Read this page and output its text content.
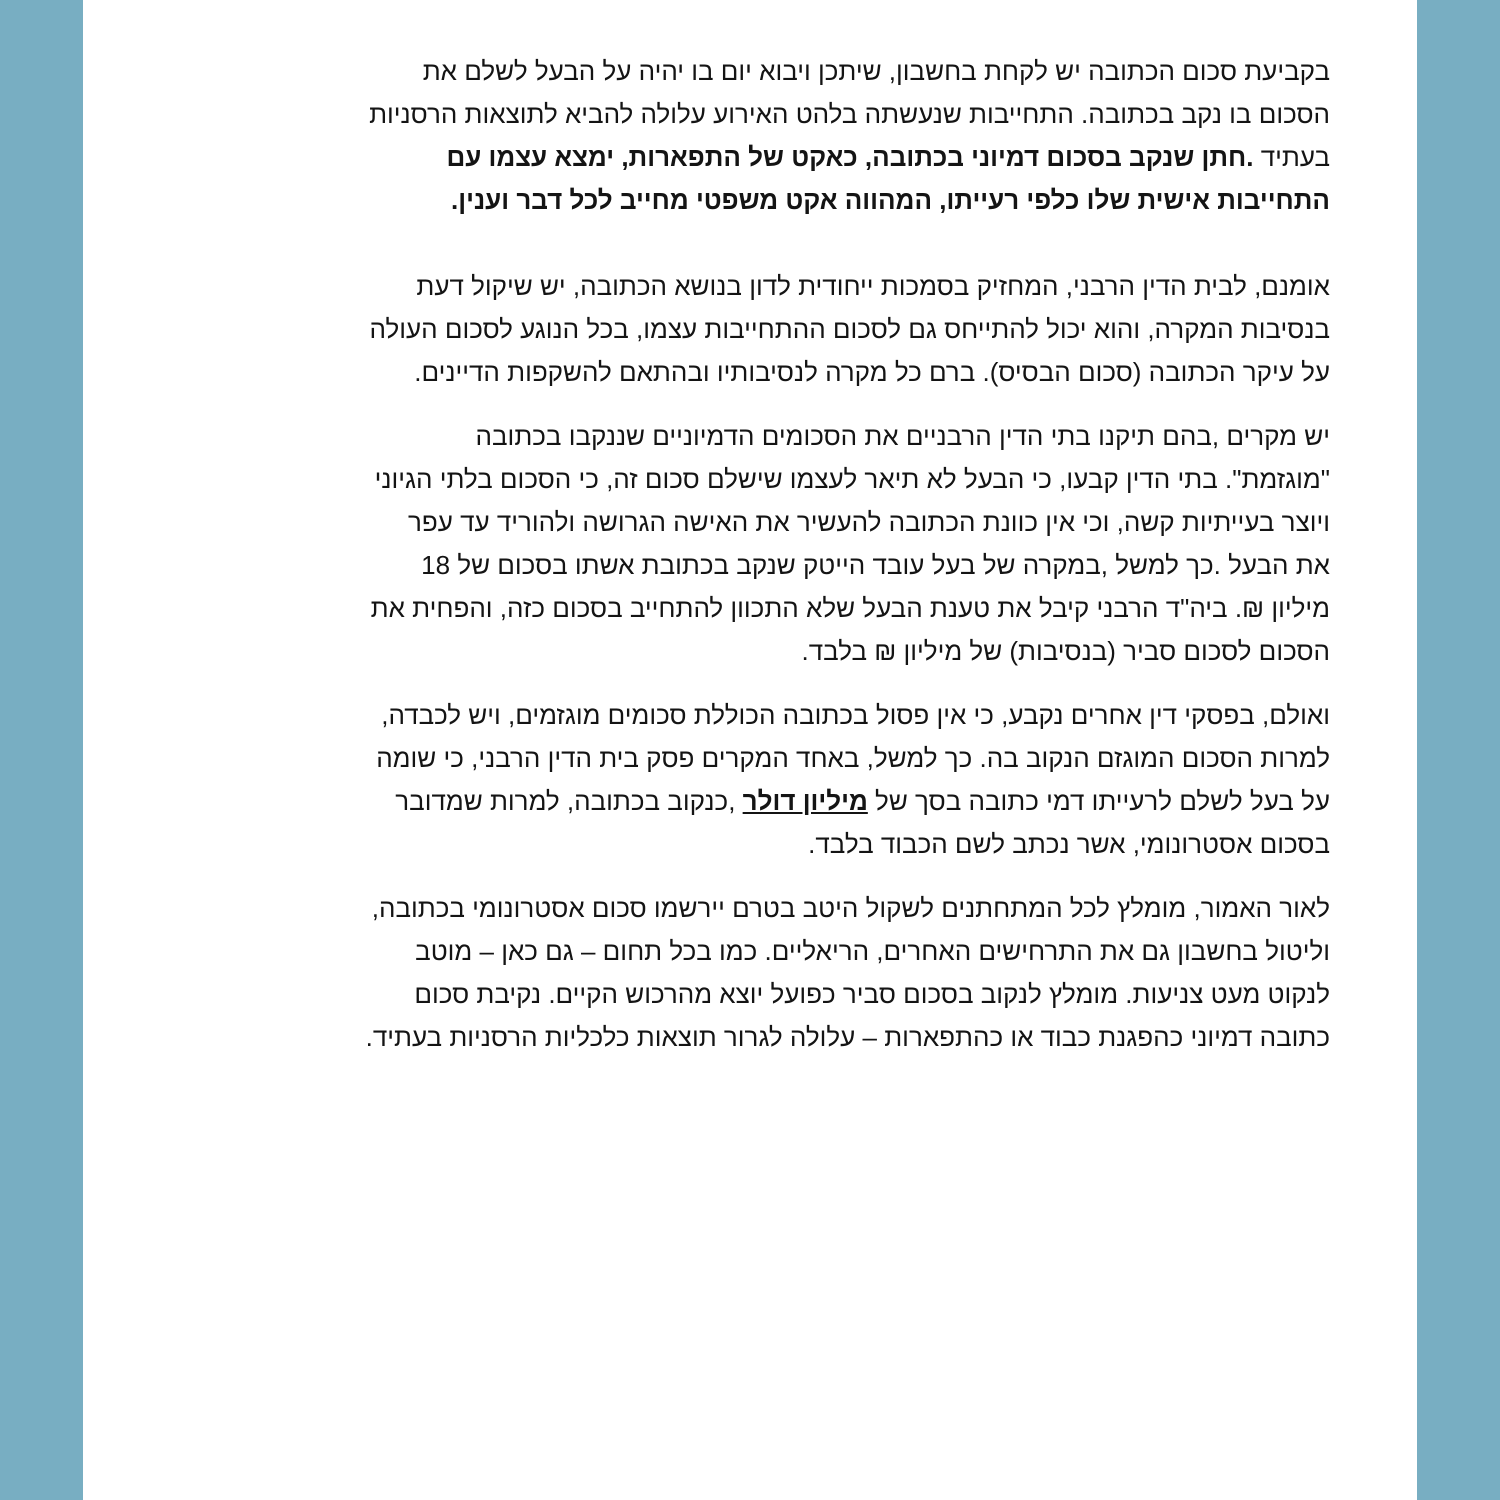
בקביעת סכום הכתובה יש לקחת בחשבון, שיתכן ויבוא יום בו יהיה על הבעל לשלם את
הסכום בו נקב בכתובה. התחייבות שנעשתה בלהט האירוע עלולה להביא לתוצאות הרסניות
בעתיד .חתן שנקב בסכום דמיוני בכתובה, כאקט של התפארות, ימצא עצמו עם
התחייבות אישית שלו כלפי רעייתו, המהווה אקט משפטי מחייב לכל דבר וענין.
אומנם, לבית הדין הרבני, המחזיק בסמכות ייחודית לדון בנושא הכתובה, יש שיקול דעת
בנסיבות המקרה, והוא יכול להתייחס גם לסכום ההתחייבות עצמו, בכל הנוגע לסכום העולה
על עיקר הכתובה (סכום הבסיס). ברם כל מקרה לנסיבותיו ובהתאם להשקפות הדיינים.
יש מקרים ,בהם תיקנו בתי הדין הרבניים את הסכומים הדמיוניים שננקבו בכתובה
"מוגזמת". בתי הדין קבעו, כי הבעל לא תיאר לעצמו שישלם סכום זה, כי הסכום בלתי הגיוני
ויוצר בעייתיות קשה, וכי אין כוונת הכתובה להעשיר את האישה הגרושה ולהוריד עד עפר
את הבעל .כך למשל ,במקרה של בעל עובד הייטק שנקב בכתובת אשתו בסכום של 18
מיליון ₪. ביה"ד הרבני קיבל את טענת הבעל שלא התכוון להתחייב בסכום כזה, והפחית את
הסכום לסכום סביר (בנסיבות) של מיליון ₪ בלבד.
ואולם, בפסקי דין אחרים נקבע, כי אין פסול בכתובה הכוללת סכומים מוגזמים, ויש לכבדה,
למרות הסכום המוגזם הנקוב בה. כך למשל, באחד המקרים פסק בית הדין הרבני, כי שומה
על בעל לשלם לרעייתו דמי כתובה בסך של מיליון דולר ,כנקוב בכתובה, למרות שמדובר
בסכום אסטרונומי, אשר נכתב לשם הכבוד בלבד.
לאור האמור, מומלץ לכל המתחתנים לשקול היטב בטרם יירשמו סכום אסטרונומי בכתובה,
וליטול בחשבון גם את התרחישים האחרים, הריאליים. כמו בכל תחום – גם כאן – מוטב
לנקוט מעט צניעות. מומלץ לנקוב בסכום סביר כפועל יוצא מהרכוש הקיים. נקיבת סכום
כתובה דמיוני כהפגנת כבוד או כהתפארות – עלולה לגרור תוצאות כלכליות הרסניות בעתיד.
